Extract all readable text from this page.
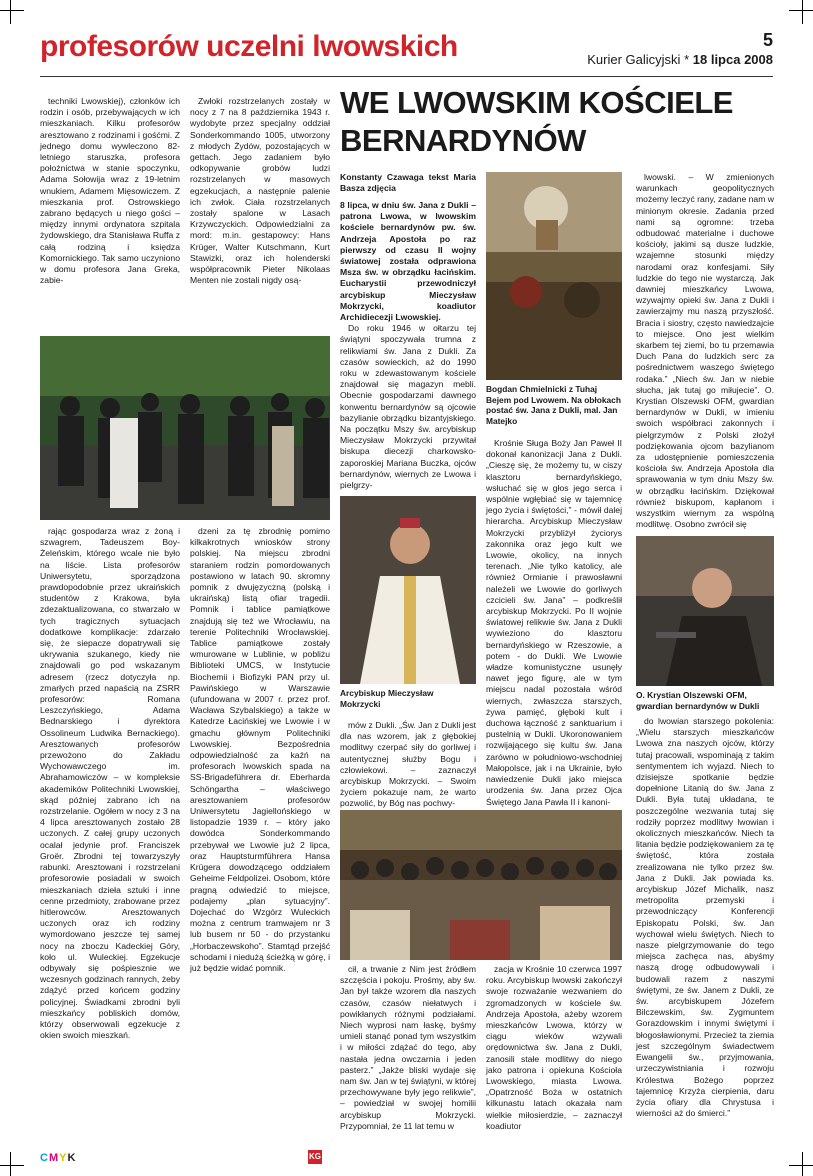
profesorów uczelni lwowskich	5
Kurier Galicyjski * 18 lipca 2008

techniki Lwowskiej), członków ich rodzin i osób, przebywających w ich mieszkaniach. Kilku profesorów aresztowano z rodzinami i gośćmi. Z jednego domu wywleczono 82-letniego staruszka, profesora położnictwa w stanie spoczynku, Adama Sołowija wraz z 19-letnim wnukiem, Adamem Mięsowiczem. Z mieszkania prof. Ostrowskiego zabrano będących u niego gości – między innymi ordynatora szpitala żydowskiego, dra Stanisława Ruffa z całą rodziną i księdza Komornickiego. Tak samo uczyniono w domu profesora Jana Greka, zabie-

Zwłoki rozstrzelanych zostały w nocy z 7 na 8 października 1943 r. wydobyte przez specjalny oddział Sonderkommando 1005, utworzony z młodych Żydów, pozostających w gettach. Jego zadaniem było odkopywanie grobów ludzi rozstrzelanych w masowych egzekucjach, a następnie palenie ich zwłok. Ciała rozstrzelanych zostały spalone w Lasach Krzywczyckich. Odpowiedzialni za mord: m.in. gestapowcy: Hans Krüger, Walter Kutschmann, Kurt Stawizki, oraz ich holenderski współpracownik Pieter Nikolaas Menten nie zostali nigdy osą-

rając gospodarza wraz z żoną i szwagrem, Tadeuszem Boy-Żeleńskim, którego wcale nie było na liście. Lista profesorów Uniwersytetu, sporządzona prawdopodobnie przez ukraińskich studentów z Krakowa, była zdezaktualizowana, co stwarzało w tych tragicznych sytuacjach dodatkowe komplikacje: zdarzało się, że siepacze dopatrywali się ukrywania szukanego, kiedy nie znajdowali go pod wskazanym adresem (rzecz dotyczyła np. zmarłych przed napaścią na ZSRR profesorów: Romana Leszczyńskiego, Adama Bednarskiego i dyrektora Ossolineum Ludwika Bernackiego). Aresztowanych profesorów przewożono do Zakładu Wychowawczego im. Abrahamowiczów – w kompleksie akademików Politechniki Lwowskiej, skąd później zabrano ich na rozstrzelanie. Ogółem w nocy z 3 na 4 lipca aresztowanych zostało 28 uczonych. Z całej grupy uczonych ocalał jedynie prof. Franciszek Groër. Zbrodni tej towarzyszyły rabunki. Aresztowani i rozstrzelani profesorowie posiadali w swoich mieszkaniach dzieła sztuki i inne cenne przedmioty, zrabowane przez hitlerowców. Aresztowanych uczonych oraz ich rodziny wymordowano jeszcze tej samej nocy na zboczu Kadeckiej Góry, koło ul. Wuleckiej. Egzekucje odbywały się pośpiesznie we wczesnych godzinach rannych, żeby zdążyć przed końcem godziny policyjnej. Świadkami zbrodni byli mieszkańcy pobliskich domów, którzy obserwowali egzekucje z okien swoich mieszkań.

dzeni za tę zbrodnię pomimo kilkakrotnych wniosków strony polskiej. Na miejscu zbrodni staraniem rodzin pomordowanych postawiono w latach 90. skromny pomnik z dwujęzyczną (polską i ukraińską) listą ofiar tragedii. Pomnik i tablice pamiątkowe znajdują się też we Wrocławiu, na terenie Politechniki Wrocławskiej. Tablice pamiątkowe zostały wmurowane w Lublinie, w pobliżu Biblioteki UMCS, w Instytucie Biochemii i Biofizyki PAN przy ul. Pawińskiego w Warszawie (ufundowana w 2007 r. przez prof. Wacława Szybalskiego) a także w Katedrze Łacińskiej we Lwowie i w gmachu głównym Politechniki Lwowskiej. Bezpośrednia odpowiedzialność za kaźń na profesorach lwowskich spada na SS-Brigadeführera dr. Eberharda Schöngartha – właściwego aresztowaniem profesorów Uniwersytetu Jagiellońskiego w listopadzie 1939 r. – który jako dowódca Sonderkommando przebywał we Lwowie już 2 lipca, oraz Hauptsturmführera Hansa Krügera dowodzącego oddziałem Geheime Feldpolizei. Osobom, które pragną odwiedzić to miejsce, podajemy „plan sytuacyjny”. Dojechać do Wzgórz Wuleckich można z centrum tramwajem nr 3 lub busem nr 50 - do przystanku „Horbaczewskoho”. Stamtąd przejść schodami i niedużą ścieżką w górę, i już będzie widać pomnik.

WE LWOWSKIM KOŚCIELE BERNARDYNÓW
Konstanty Czawaga tekst Maria Basza zdjęcia
8 lipca, w dniu św. Jana z Dukli – patrona Lwowa, w lwowskim kościele bernardynów pw. św. Andrzeja Apostoła po raz pierwszy od czasu II wojny światowej została odprawiona Msza św. w obrządku łacińskim. Eucharystii przewodniczył arcybiskup Mieczysław Mokrzycki, koadiutor Archidiecezji Lwowskiej.

Do roku 1946 w ołtarzu tej świątyni spoczywała trumna z relikwiami św. Jana z Dukli. Za czasów sowieckich, aż do 1990 roku w zdewastowanym kościele znajdował się magazyn mebli. Obecnie gospodarzami dawnego konwentu bernardynów są ojcowie bazylianie obrządku bizantyjskiego. Na początku Mszy św. arcybiskup Mieczysław Mokrzycki przywitał biskupa diecezji charkowsko-zaporoskiej Mariana Buczka, ojców bernardynów, wiernych ze Lwowa i pielgrzy-

Bogdan Chmielnicki z Tuhaj Bejem pod Lwowem. Na obłokach postać św. Jana z Dukli, mal. Jan Matejko

Krośnie Sługa Boży Jan Paweł II dokonał kanonizacji Jana z Dukli. „Cieszę się, że możemy tu, w ciszy klasztoru bernardyńskiego, wsłuchać się w głos jego serca i wspólnie wgłębiać się w tajemnicę jego życia i świętości,” - mówił dalej hierarcha. Arcybiskup Mieczysław Mokrzycki przybliżył życiorys zakonnika oraz jego kult we Lwowie, okolicy, na innych terenach. „Nie tylko katolicy, ale również Ormianie i prawosławni należeli we Lwowie do gorliwych czcicieli św. Jana” – podkreślił arcybiskup Mokrzycki. Po II wojnie światowej relikwie św. Jana z Dukli wywieziono do klasztoru bernardyńskiego w Rzeszowie, a potem - do Dukli. We Lwowie władze komunistyczne usunęły nawet jego figurę, ale w tym miejscu nadal pozostała wśród wiernych, zwłaszcza starszych, żywa pamięć, głęboki kult i duchowa łączność z sanktuarium i pustelnią w Dukli. Ukoronowaniem rozwijającego się kultu św. Jana zarówno w południowo-wschodniej Małopolsce, jak i na Ukrainie, było nawiedzenie Dukli jako miejsca urodzenia św. Jana przez Ojca Świętego Jana Pawła II i kanoni-

Arcybiskup Mieczysław Mokrzycki

mów z Dukli. „Św. Jan z Dukli jest dla nas wzorem, jak z głębokiej modlitwy czerpać siły do gorliwej i autentycznej służby Bogu i człowiekowi. – zaznaczył arcybiskup Mokrzycki. – Swoim życiem pokazuje nam, że warto pozwolić, by Bóg nas pochwy-

cił, a trwanie z Nim jest źródłem szczęścia i pokoju. Prośmy, aby św. Jan był także wzorem dla naszych czasów, czasów niełatwych i powikłanych różnymi podziałami. Niech wyprosi nam łaskę, byśmy umieli stanąć ponad tym wszystkim i w miłości zdążać do tego, aby nastała jedna owczarnia i jeden pasterz.” „Jakże bliski wydaje się nam św. Jan w tej świątyni, w której przechowywane były jego relikwie”, – powiedział w swojej homilii arcybiskup Mokrzycki. Przypomniał, że 11 lat temu w

zacja w Krośnie 10 czerwca 1997 roku. Arcybiskup lwowski zakończył swoje rozważanie wezwaniem do zgromadzonych w kościele św. Andrzeja Apostoła, ażeby wzorem mieszkańców Lwowa, którzy w ciągu wieków wzywali orędownictwa św. Jana z Dukli, zanosili stałe modlitwy do niego jako patrona i opiekuna Kościoła Lwowskiego, miasta Lwowa. „Opatrzność Boża w ostatnich kilkunastu latach okazała nam wielkie miłosierdzie, – zaznaczył koadiutor

lwowski. – W zmienionych warunkach geopolitycznych możemy leczyć rany, zadane nam w minionym okresie. Zadania przed nami są ogromne: trzeba odbudować materialne i duchowe kościoły, jakimi są dusze ludzkie, wzajemne stosunki między narodami oraz konfesjami. Siły ludzkie do tego nie wystarczą. Jak dawniej mieszkańcy Lwowa, wzywajmy opieki św. Jana z Dukli i zawierzajmy mu naszą przyszłość. Bracia i siostry, często nawiedzajcie to miejsce. Ono jest wielkim skarbem tej ziemi, bo tu przemawia Duch Pana do ludzkich serc za pośrednictwem waszego świętego rodaka.” „Niech św. Jan w niebie słucha, jak tutaj go miłujecie”. O. Krystian Olszewski OFM, gwardian bernardynów w Dukli, w imieniu swoich współbraci zakonnych i pielgrzymów z Polski złożył podziękowania ojcom bazylianom za udostępnienie pomieszczenia kościoła św. Andrzeja Apostoła dla sprawowania w tym dniu Mszy św. w obrządku łacińskim. Dziękował również biskupom, kapłanom i wszystkim wiernym za wspólną modlitwę. Osobno zwrócił się

O. Krystian Olszewski OFM, gwardian bernardynów w Dukli

do lwowian starszego pokolenia: „Wielu starszych mieszkańców Lwowa zna naszych ojców, którzy tutaj pracowali, wspominają z takim sentymentem ich wyjazd. Niech to dzisiejsze spotkanie będzie dopełnione Litanią do św. Jana z Dukli. Była tutaj układana, te poszczególne wezwania tutaj się rodziły poprzez modlitwy lwowian i okolicznych mieszkańców. Niech ta litania będzie podziękowaniem za tę świętość, która została zrealizowana nie tylko przez św. Jana z Dukli. Jak powiada ks. arcybiskup Józef Michalik, nasz metropolita przemyski i przewodniczący Konferencji Episkopatu Polski, św. Jan wychował wielu świętych. Niech to nasze pielgrzymowanie do tego miejsca zachęca nas, abyśmy naszą drogę odbudowywali i budowali razem z naszymi świętymi, ze św. Janem z Dukli, ze św. arcybiskupem Józefem Bilczewskim, św. Zygmuntem Gorazdowskim i innymi świętymi i błogosławionymi. Przecież ta ziemia jest szczególnym świadectwem Ewangelii św., przyjmowania, urzeczywistniania i rozwoju Królestwa Bożego poprzez tajemnicę Krzyża cierpienia, daru życia ofiary dla Chrystusa i wierności aż do śmierci.”

CMYK	KG
